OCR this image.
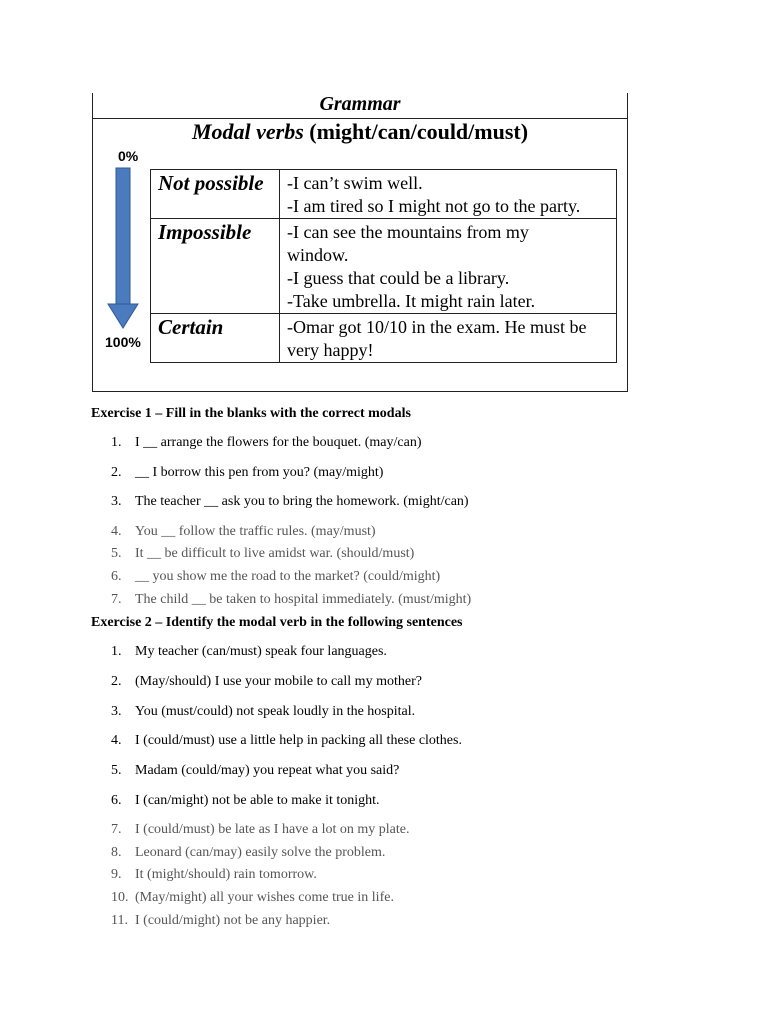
Grammar
Modal verbs (might/can/could/must)
0%
100%
Not possible	-I can’t swim well.
-I am tired so I might not go to the party.

Impossible	-I can see the mountains from my
window.
-I guess that could be a library.
-Take umbrella. It might rain later.

Certain	-Omar got 10/10 in the exam. He must be
very happy!
Exercise 1 – Fill in the blanks with the correct modals
1. I __ arrange the flowers for the bouquet. (may/can)
2. __ I borrow this pen from you? (may/might)
3. The teacher __ ask you to bring the homework. (might/can)
4. You __ follow the traffic rules. (may/must)
5. It __ be difficult to live amidst war. (should/must)
6. __ you show me the road to the market? (could/might)
7. The child __ be taken to hospital immediately. (must/might)
Exercise 2 – Identify the modal verb in the following sentences
1. My teacher (can/must) speak four languages.
2. (May/should) I use your mobile to call my mother?
3. You (must/could) not speak loudly in the hospital.
4. I (could/must) use a little help in packing all these clothes.
5. Madam (could/may) you repeat what you said?
6. I (can/might) not be able to make it tonight.
7. I (could/must) be late as I have a lot on my plate.
8. Leonard (can/may) easily solve the problem.
9. It (might/should) rain tomorrow.
10. (May/might) all your wishes come true in life.
11. I (could/might) not be any happier.
